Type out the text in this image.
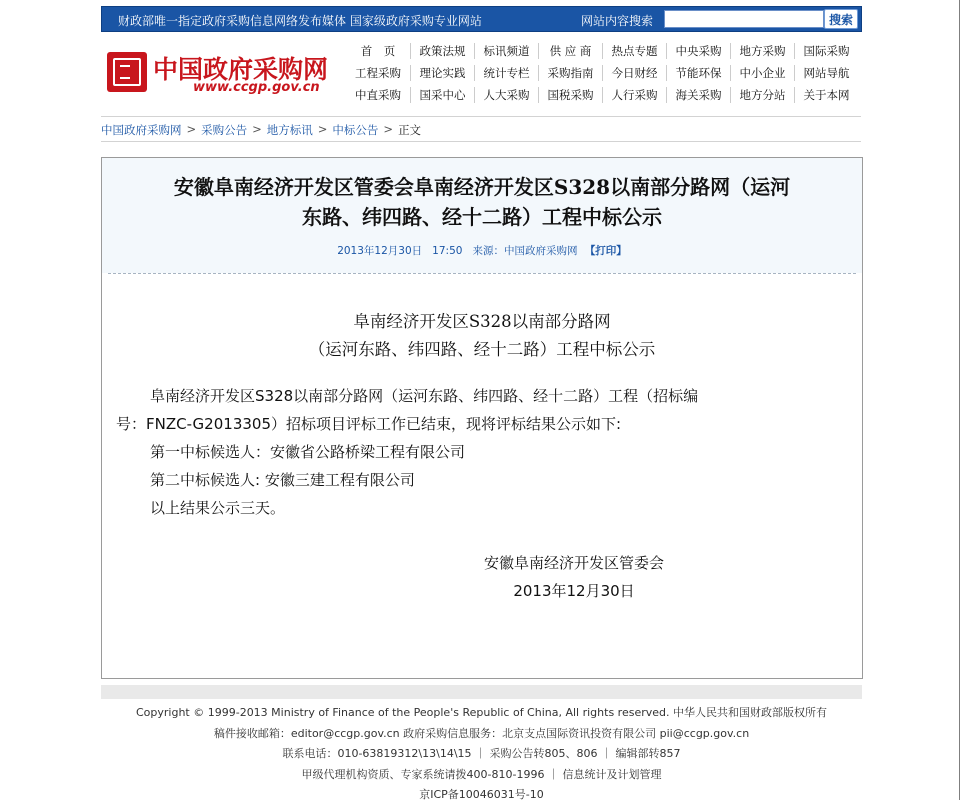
财政部唯一指定政府采购信息网络发布媒体 国家级政府采购专业网站	网站内容搜索	搜索
中国政府采购网
www.ccgp.gov.cn
首　页	政策法规	标讯频道	供 应 商	热点专题	中央采购	地方采购	国际采购
工程采购	理论实践	统计专栏	采购指南	今日财经	节能环保	中小企业	网站导航
中直采购	国采中心	人大采购	国税采购	人行采购	海关采购	地方分站	关于本网
中国政府采购网 > 采购公告 > 地方标讯 > 中标公告 > 正文
安徽阜南经济开发区管委会阜南经济开发区S328以南部分路网（运河
东路、纬四路、经十二路）工程中标公示
2013年12月30日 17:50 来源：中国政府采购网 【打印】
阜南经济开发区S328以南部分路网
（运河东路、纬四路、经十二路）工程中标公示
阜南经济开发区S328以南部分路网（运河东路、纬四路、经十二路）工程（招标编
号：FNZC-G2013305）招标项目评标工作已结束，现将评标结果公示如下:
第一中标候选人：安徽省公路桥梁工程有限公司
第二中标候选人: 安徽三建工程有限公司
以上结果公示三天。
安徽阜南经济开发区管委会
2013年12月30日
Copyright © 1999-2013 Ministry of Finance of the People's Republic of China, All rights reserved. 中华人民共和国财政部版权所有
稿件接收邮箱：editor@ccgp.gov.cn 政府采购信息服务：北京支点国际资讯投资有限公司 pii@ccgp.gov.cn
联系电话：010-63819312\13\14\15 ｜ 采购公告转805、806 ｜ 编辑部转857
甲级代理机构资质、专家系统请拨400-810-1996 ｜ 信息统计及计划管理
京ICP备10046031号-10
